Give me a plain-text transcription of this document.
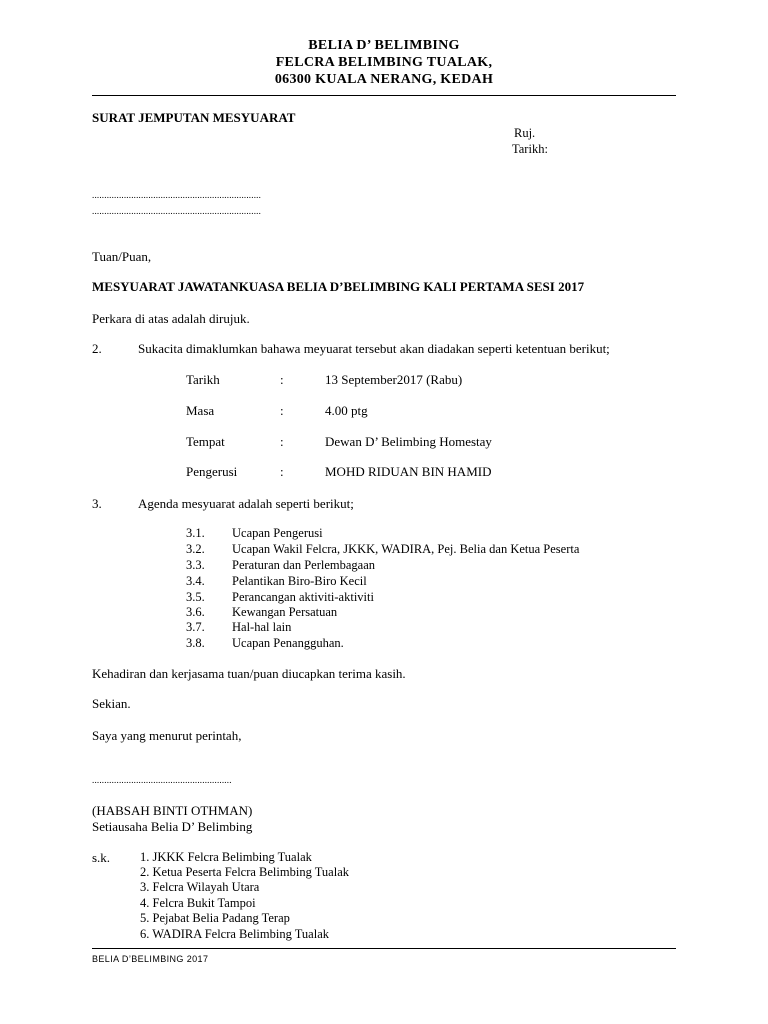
BELIA D’ BELIMBING
FELCRA BELIMBING TUALAK,
06300 KUALA NERANG, KEDAH
SURAT JEMPUTAN MESYUARAT
Ruj.
Tarikh:
.....................................................................
.....................................................................
Tuan/Puan,
MESYUARAT JAWATANKUASA BELIA D’BELIMBING KALI PERTAMA SESI 2017
Perkara di atas adalah dirujuk.
2.	Sukacita dimaklumkan bahawa meyuarat tersebut akan diadakan seperti ketentuan berikut;
Tarikh	:	13 September2017 (Rabu)
Masa	:	4.00 ptg
Tempat	:	Dewan D’ Belimbing Homestay
Pengerusi	:	MOHD RIDUAN BIN HAMID
3.	Agenda mesyuarat adalah seperti berikut;
3.1. Ucapan Pengerusi
3.2. Ucapan Wakil Felcra, JKKK, WADIRA, Pej. Belia dan Ketua Peserta
3.3. Peraturan dan Perlembagaan
3.4. Pelantikan Biro-Biro Kecil
3.5. Perancangan aktiviti-aktiviti
3.6. Kewangan Persatuan
3.7. Hal-hal lain
3.8. Ucapan Penangguhan.
Kehadiran dan kerjasama tuan/puan diucapkan terima kasih.
Sekian.
Saya yang menurut perintah,
.........................................................
(HABSAH BINTI OTHMAN)
Setiausaha Belia D’ Belimbing
s.k. 1. JKKK Felcra Belimbing Tualak
2. Ketua Peserta Felcra Belimbing Tualak
3. Felcra Wilayah Utara
4. Felcra Bukit Tampoi
5. Pejabat Belia Padang Terap
6. WADIRA Felcra Belimbing Tualak
BELIA D’BELIMBING 2017
